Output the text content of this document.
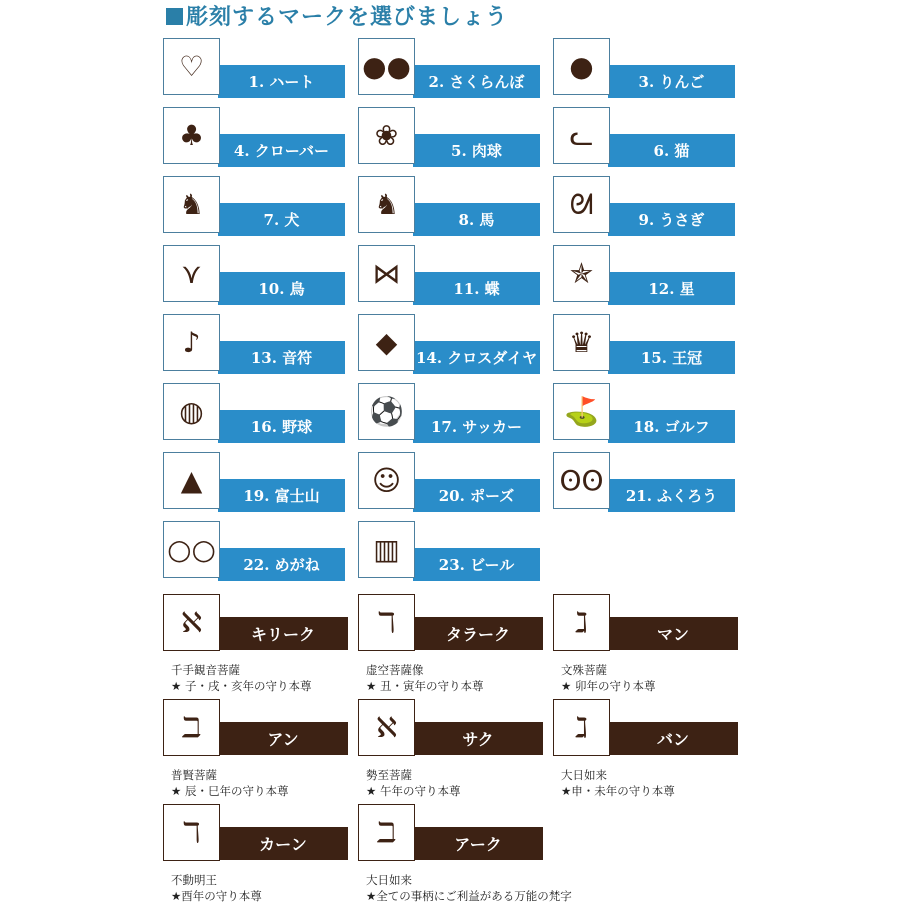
彫刻するマークを選びましょう
♡	1. ハート	●●	2. さくらんぼ	●	3. りんご
♣	4. クローバー	❀	5. 肉球	ᓚ	6. 猫
♞	7. 犬	♞	8. 馬	ᘛ	9. うさぎ
⋎	10. 鳥	⋈	11. 蝶	✯	12. 星
♪	13. 音符	◆	14. クロスダイヤ	♛	15. 王冠
◍	16. 野球	⚽	17. サッカー	⛳	18. ゴルフ
▲	19. 富士山	☺	20. ポーズ	ʘʘ	21. ふくろう
○○	22. めがね	▥	23. ビール
ℵ	キリーク
千手観音菩薩
★ 子・戌・亥年の守り本尊
ℸ	タラーク
虚空菩薩像
★ 丑・寅年の守り本尊
ℷ	マン
文殊菩薩
★ 卯年の守り本尊
ℶ	アン
普賢菩薩
★ 辰・巳年の守り本尊
ℵ	サク
勢至菩薩
★ 午年の守り本尊
ℷ	バン
大日如来
★申・未年の守り本尊
ℸ	カーン
不動明王
★酉年の守り本尊
ℶ	アーク
大日如来
★全ての事柄にご利益がある万能の梵字
